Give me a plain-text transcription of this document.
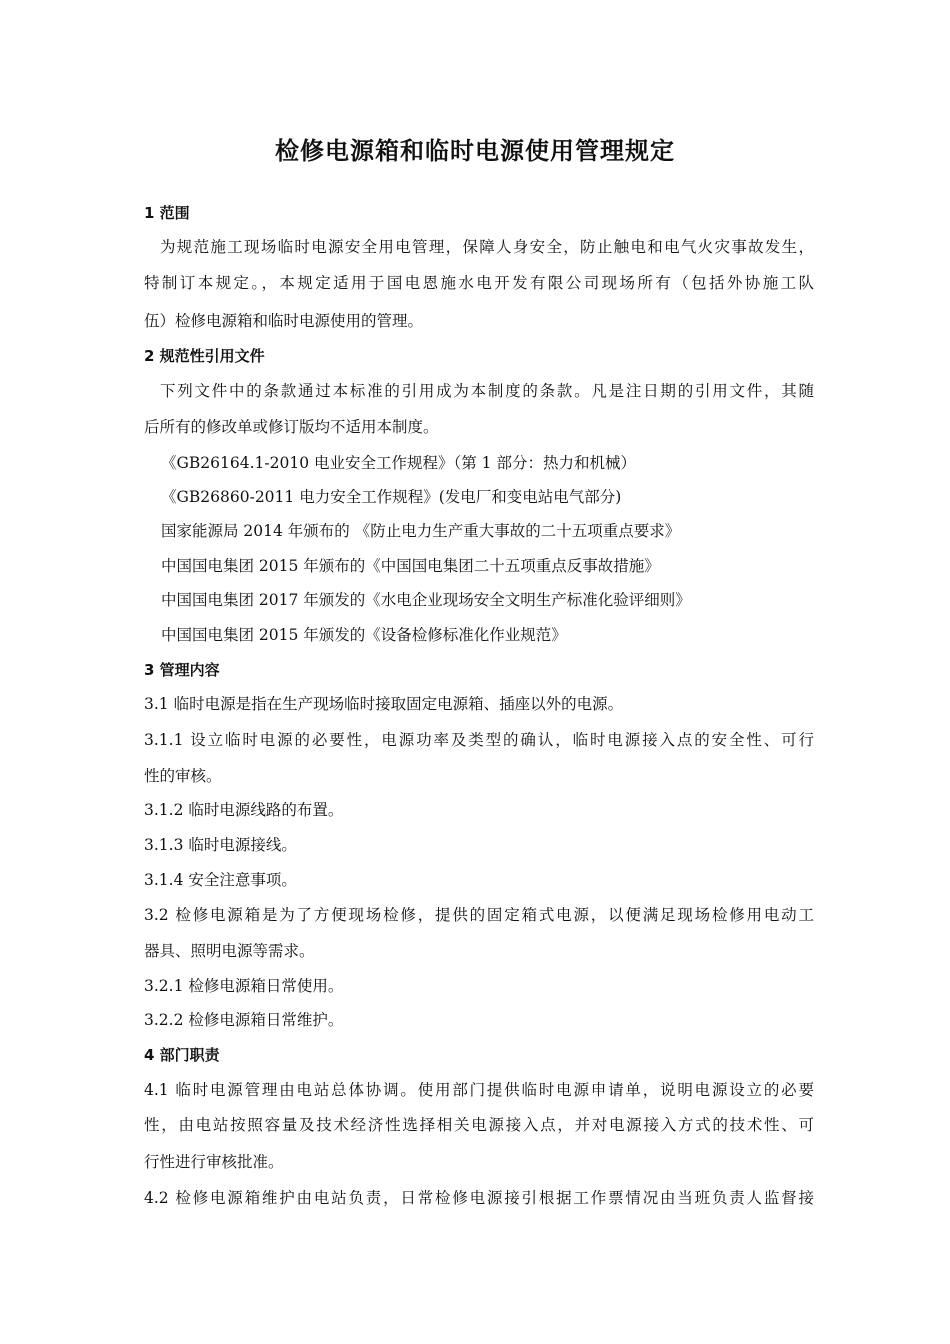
检修电源箱和临时电源使用管理规定
1 范围
为规范施工现场临时电源安全用电管理，保障人身安全，防止触电和电气火灾事故发生，
特制订本规定。，本规定适用于国电恩施水电开发有限公司现场所有（包括外协施工队
伍）检修电源箱和临时电源使用的管理。
2 规范性引用文件
下列文件中的条款通过本标准的引用成为本制度的条款。凡是注日期的引用文件，其随
后所有的修改单或修订版均不适用本制度。
《GB26164.1-2010 电业安全工作规程》（第 1 部分：热力和机械）
《GB26860-2011 电力安全工作规程》(发电厂和变电站电气部分)
国家能源局 2014 年颁布的 《防止电力生产重大事故的二十五项重点要求》
中国国电集团 2015 年颁布的《中国国电集团二十五项重点反事故措施》
中国国电集团 2017 年颁发的《水电企业现场安全文明生产标准化验评细则》
中国国电集团 2015 年颁发的《设备检修标准化作业规范》
3 管理内容
3.1 临时电源是指在生产现场临时接取固定电源箱、插座以外的电源。
3.1.1 设立临时电源的必要性，电源功率及类型的确认，临时电源接入点的安全性、可行
性的审核。
3.1.2 临时电源线路的布置。
3.1.3 临时电源接线。
3.1.4 安全注意事项。
3.2 检修电源箱是为了方便现场检修，提供的固定箱式电源，以便满足现场检修用电动工
器具、照明电源等需求。
3.2.1 检修电源箱日常使用。
3.2.2 检修电源箱日常维护。
4 部门职责
4.1 临时电源管理由电站总体协调。使用部门提供临时电源申请单，说明电源设立的必要
性，由电站按照容量及技术经济性选择相关电源接入点，并对电源接入方式的技术性、可
行性进行审核批准。
4.2 检修电源箱维护由电站负责，日常检修电源接引根据工作票情况由当班负责人监督接
